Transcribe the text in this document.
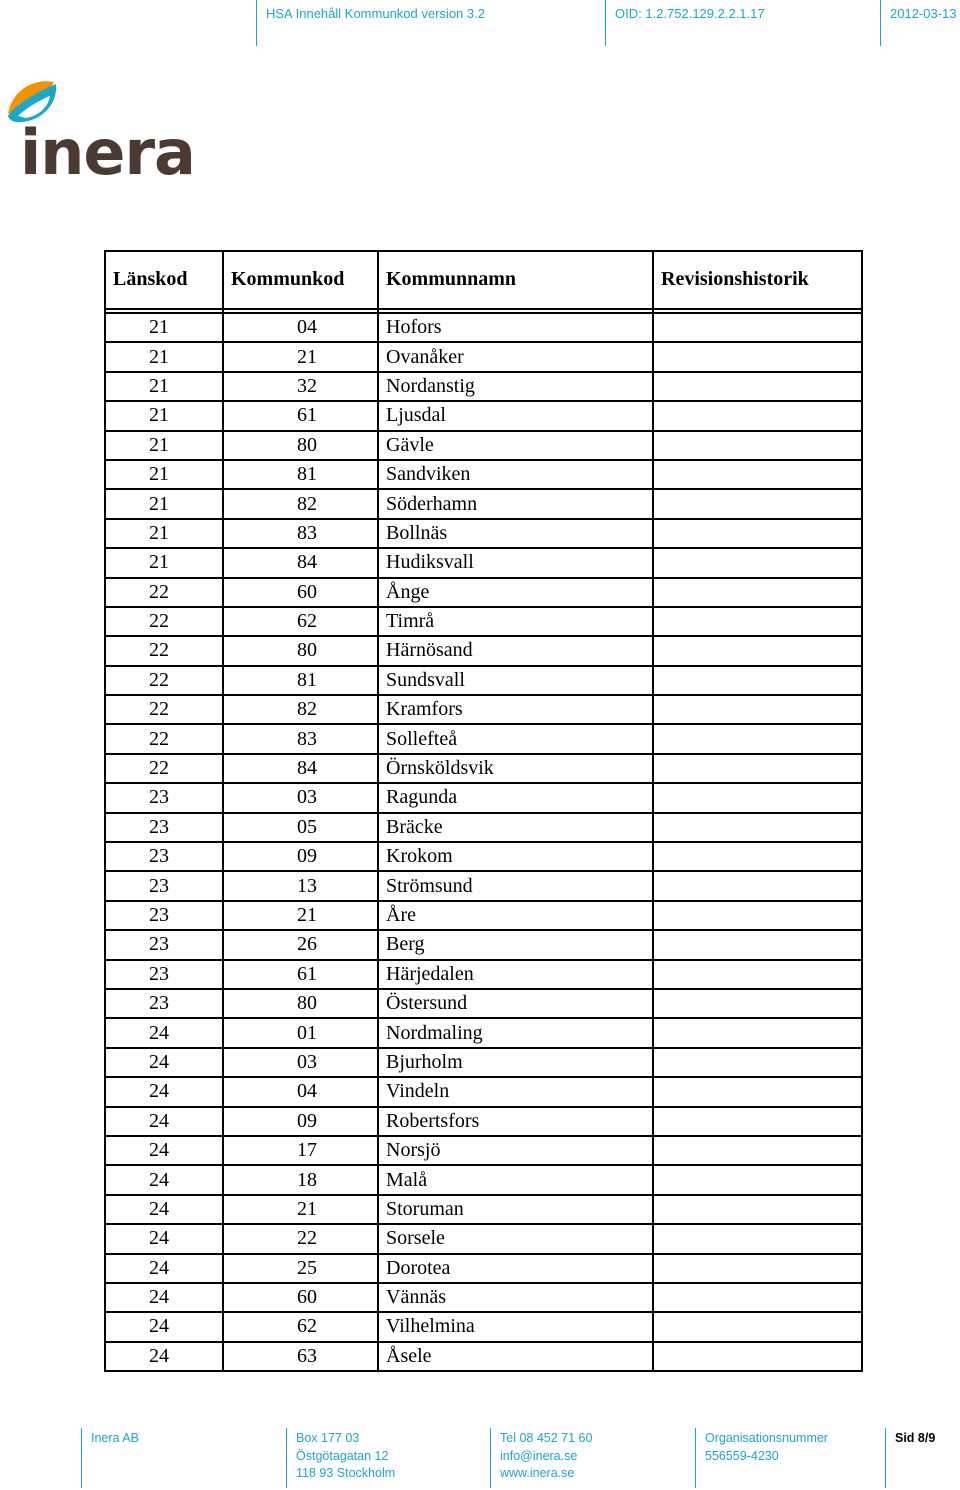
HSA Innehåll Kommunkod version 3.2	OID: 1.2.752.129.2.2.1.17	2012-03-13
inera
Länskod	Kommunkod	Kommunnamn	Revisionshistorik

21	04	Hofors	
21	21	Ovanåker	
21	32	Nordanstig	
21	61	Ljusdal	
21	80	Gävle	
21	81	Sandviken	
21	82	Söderhamn	
21	83	Bollnäs	
21	84	Hudiksvall	
22	60	Ånge	
22	62	Timrå	
22	80	Härnösand	
22	81	Sundsvall	
22	82	Kramfors	
22	83	Sollefteå	
22	84	Örnsköldsvik	
23	03	Ragunda	
23	05	Bräcke	
23	09	Krokom	
23	13	Strömsund	
23	21	Åre	
23	26	Berg	
23	61	Härjedalen	
23	80	Östersund	
24	01	Nordmaling	
24	03	Bjurholm	
24	04	Vindeln	
24	09	Robertsfors	
24	17	Norsjö	
24	18	Malå	
24	21	Storuman	
24	22	Sorsele	
24	25	Dorotea	
24	60	Vännäs	
24	62	Vilhelmina	
24	63	Åsele	
Inera AB	Box 177 03
Östgötagatan 12
118 93 Stockholm
Tel 08 452 71 60
info@inera.se
www.inera.se
Organisationsnummer
556559-4230
Sid 8/9
